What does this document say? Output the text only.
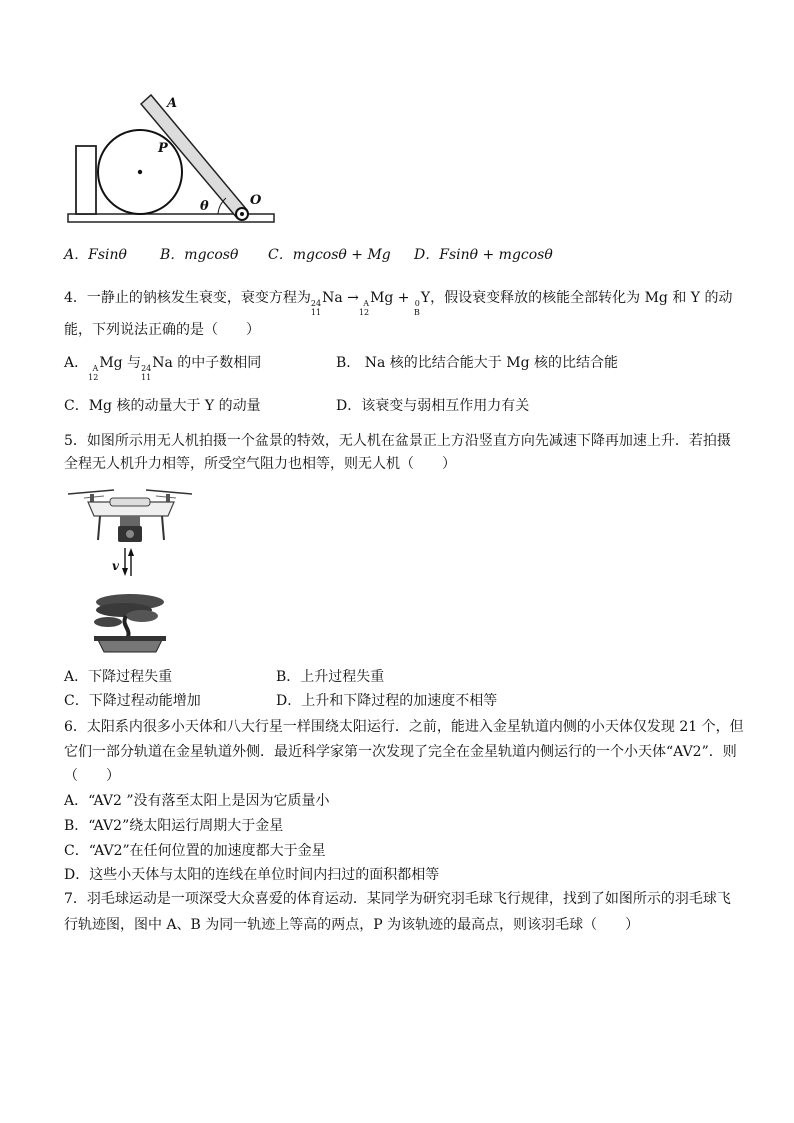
A
P
O
θ
A．Fsinθ B．mgcosθ C．mgcosθ + Mg D．Fsinθ + mgcosθ
4．一静止的钠核发生衰变，衰变方程为 24
11
Na → A
12
Mg + 0
B
Y，假设衰变释放的核能全部转化为 Mg 和 Y 的动
能，下列说法正确的是（　　）
A． A
12
Mg 与 24
11
Na 的中子数相同	B． Na 核的比结合能大于 Mg 核的比结合能
C．Mg 核的动量大于 Y 的动量	D．该衰变与弱相互作用力有关
5．如图所示用无人机拍摄一个盆景的特效，无人机在盆景正上方沿竖直方向先减速下降再加速上升．若拍摄
全程无人机升力相等，所受空气阻力也相等，则无人机（　　）
v
A．下降过程失重	B．上升过程失重
C．下降过程动能增加	D．上升和下降过程的加速度不相等
6．太阳系内很多小天体和八大行星一样围绕太阳运行．之前，能进入金星轨道内侧的小天体仅发现 21 个，但
它们一部分轨道在金星轨道外侧．最近科学家第一次发现了完全在金星轨道内侧运行的一个小天体“AV2”．则
（　　）
A．“AV2 ”没有落至太阳上是因为它质量小
B．“AV2”绕太阳运行周期大于金星
C．“AV2”在任何位置的加速度都大于金星
D．这些小天体与太阳的连线在单位时间内扫过的面积都相等
7．羽毛球运动是一项深受大众喜爱的体育运动．某同学为研究羽毛球飞行规律，找到了如图所示的羽毛球飞
行轨迹图，图中 A、B 为同一轨迹上等高的两点，P 为该轨迹的最高点，则该羽毛球（　　）
